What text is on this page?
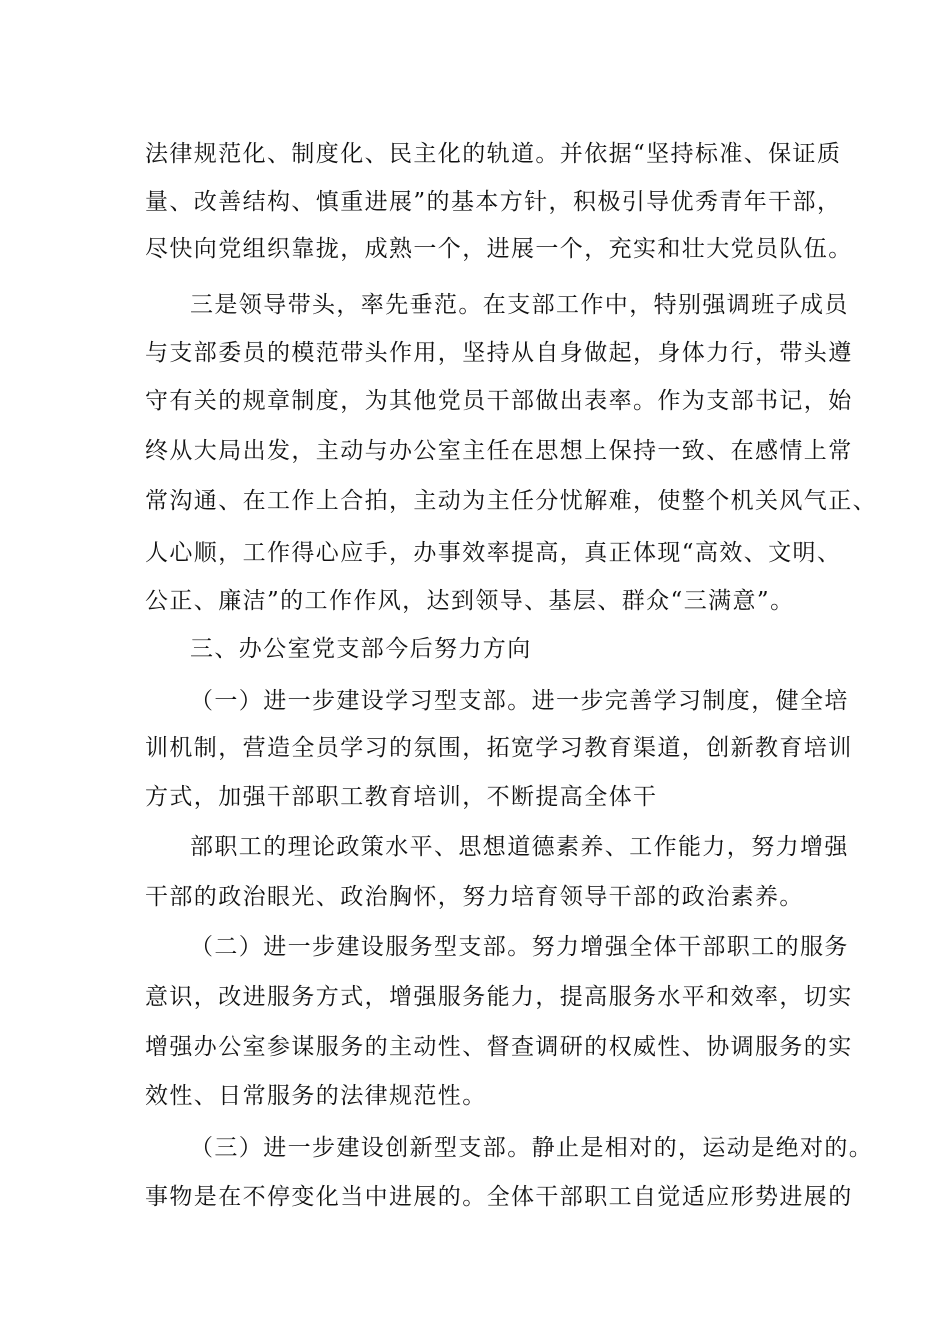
法律规范化、制度化、民主化的轨道。并依据“坚持标准、保证质
量、改善结构、慎重进展”的基本方针，积极引导优秀青年干部，
尽快向党组织靠拢，成熟一个，进展一个，充实和壮大党员队伍。
三是领导带头，率先垂范。在支部工作中，特别强调班子成员
与支部委员的模范带头作用，坚持从自身做起，身体力行，带头遵
守有关的规章制度，为其他党员干部做出表率。作为支部书记，始
终从大局出发，主动与办公室主任在思想上保持一致、在感情上常
常沟通、在工作上合拍，主动为主任分忧解难，使整个机关风气正、
人心顺，工作得心应手，办事效率提高，真正体现“高效、文明、
公正、廉洁”的工作作风，达到领导、基层、群众“三满意”。
三、办公室党支部今后努力方向
（一）进一步建设学习型支部。进一步完善学习制度，健全培
训机制，营造全员学习的氛围，拓宽学习教育渠道，创新教育培训
方式，加强干部职工教育培训，不断提高全体干
部职工的理论政策水平、思想道德素养、工作能力，努力增强
干部的政治眼光、政治胸怀，努力培育领导干部的政治素养。
（二）进一步建设服务型支部。努力增强全体干部职工的服务
意识，改进服务方式，增强服务能力，提高服务水平和效率，切实
增强办公室参谋服务的主动性、督查调研的权威性、协调服务的实
效性、日常服务的法律规范性。
（三）进一步建设创新型支部。静止是相对的，运动是绝对的。
事物是在不停变化当中进展的。全体干部职工自觉适应形势进展的
